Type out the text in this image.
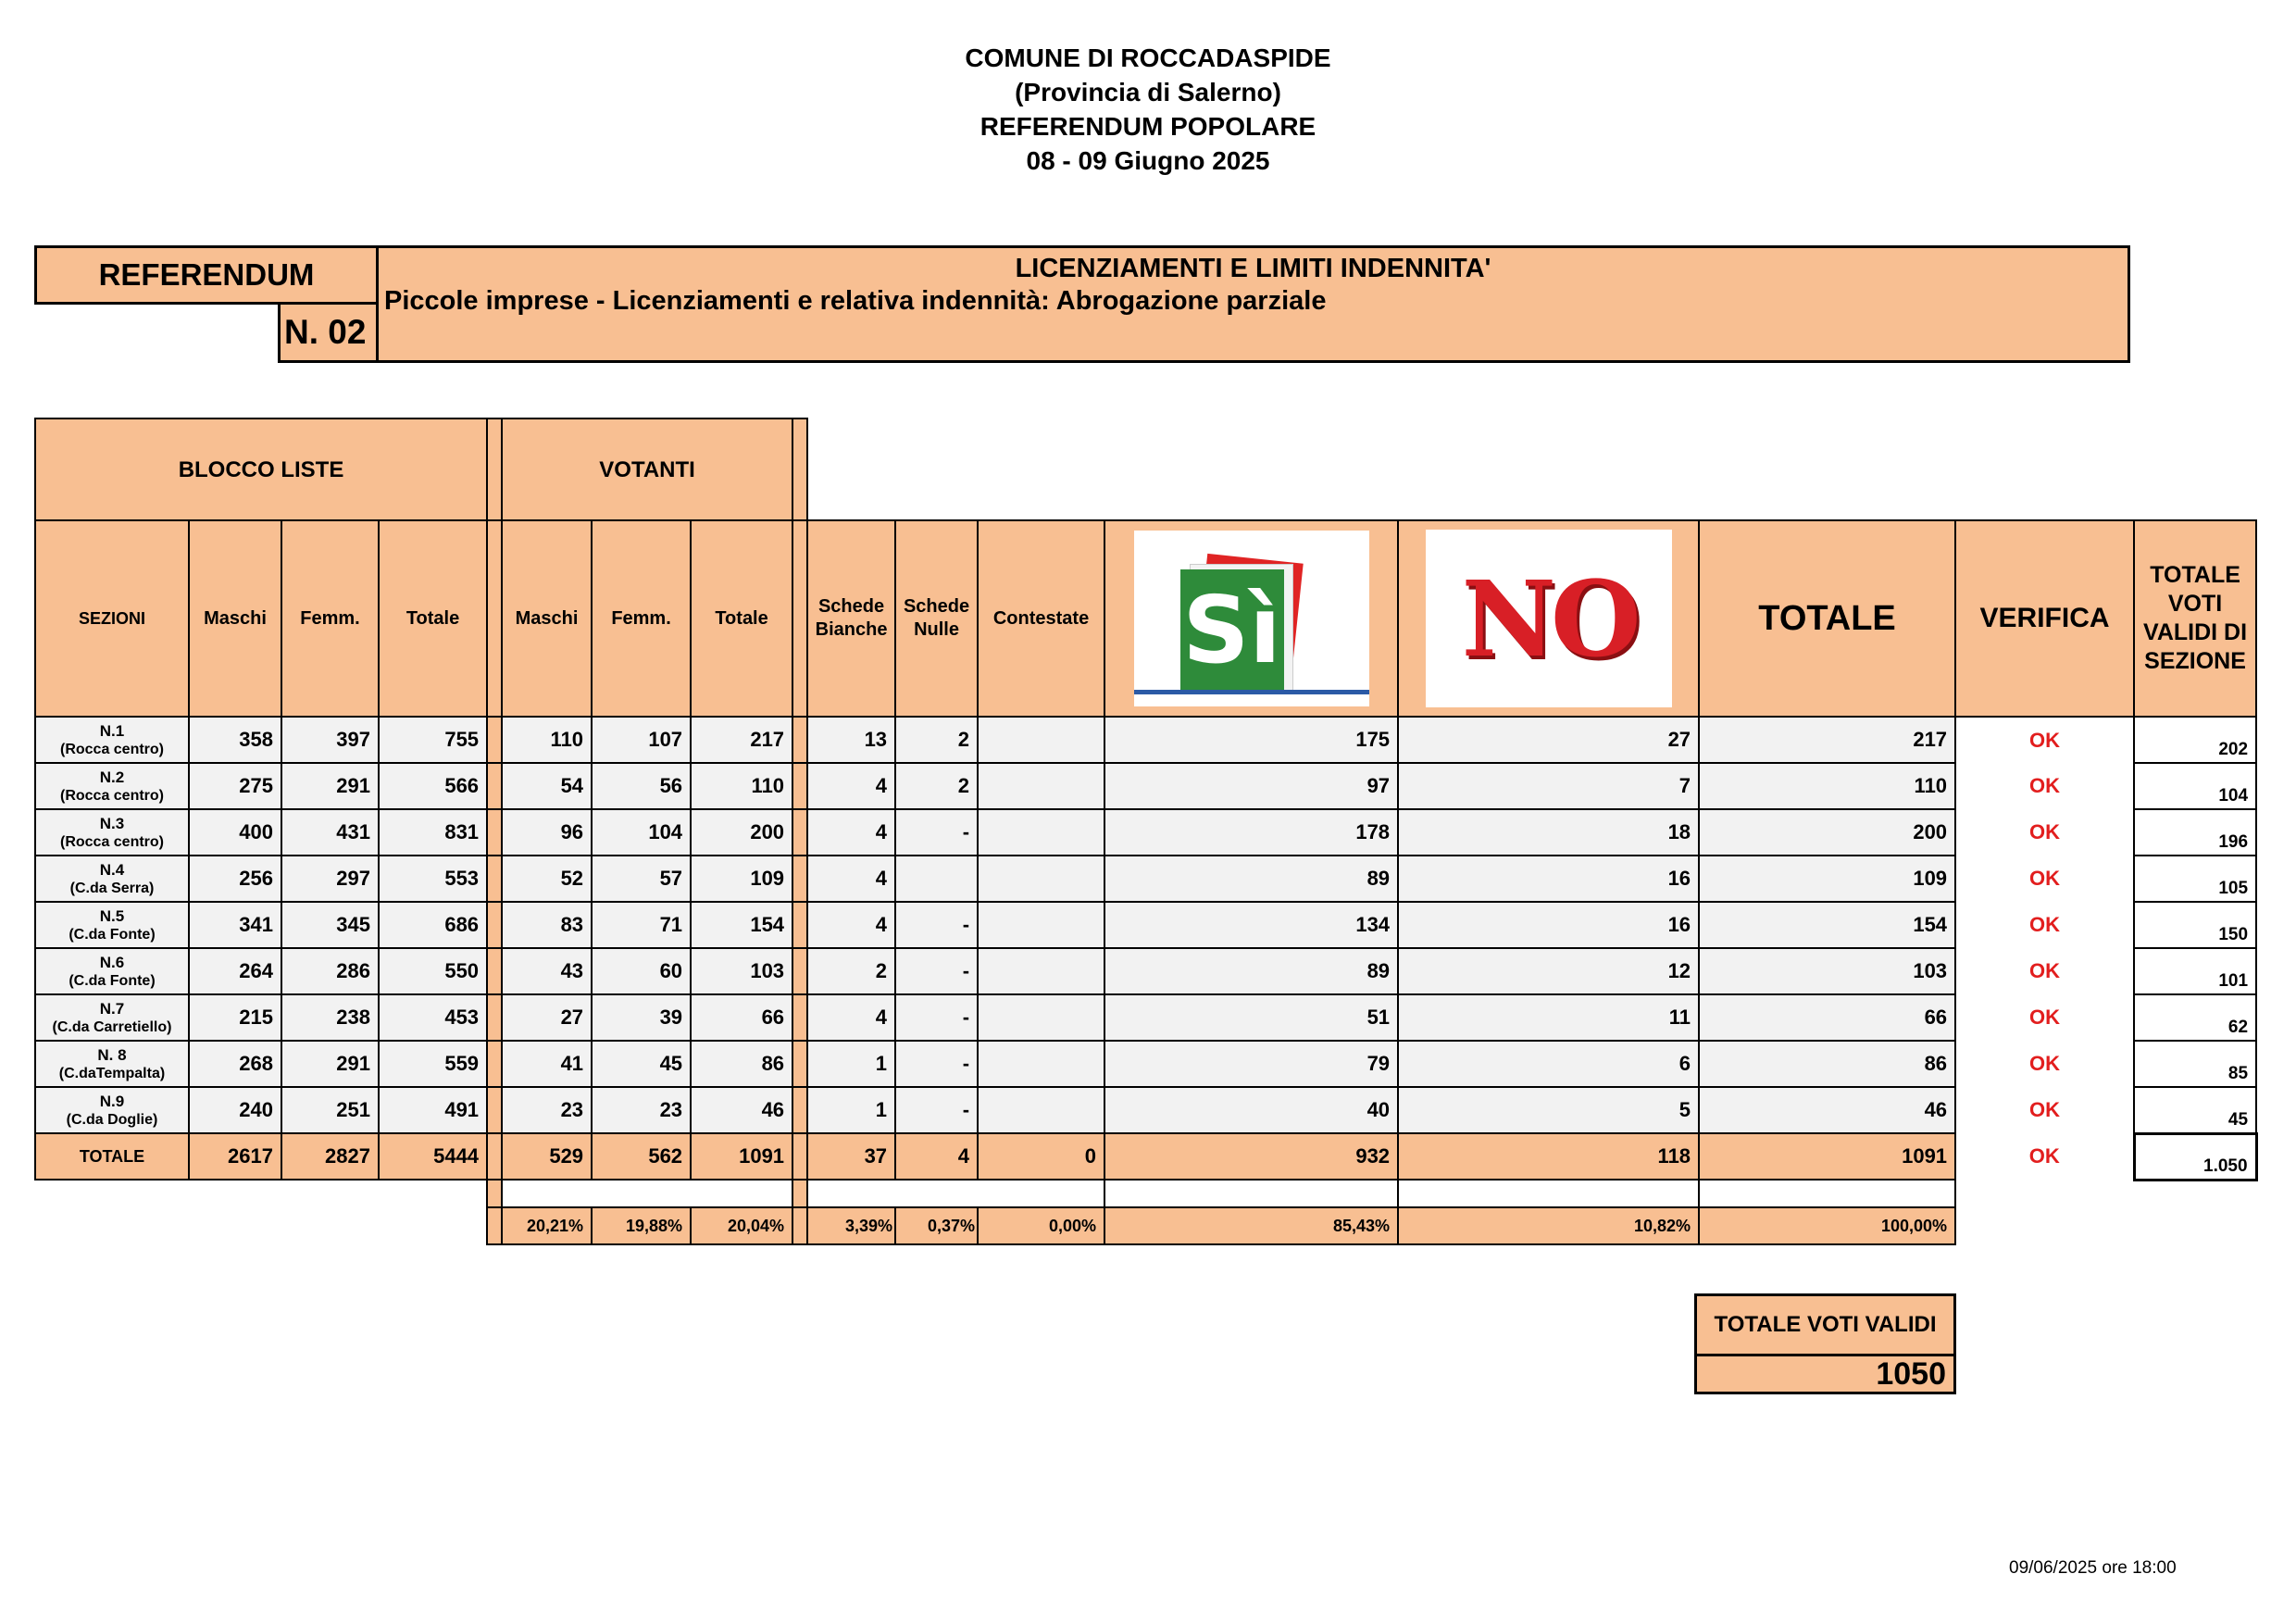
COMUNE DI ROCCADASPIDE
(Provincia di Salerno)
REFERENDUM POPOLARE
08 - 09 Giugno 2025
REFERENDUM
N. 02
LICENZIAMENTI E LIMITI INDENNITA'
Piccole imprese - Licenziamenti e relativa indennità: Abrogazione parziale
BLOCCO LISTE					VOTANTI											
SEZIONI	Maschi	Femm.	Totale		Maschi	Femm.	Totale		Schede Bianche	Schede Nulle	Contestate	Sì	NO	TOTALE	VERIFICA	TOTALE VOTI VALIDI DI SEZIONE

N.1
(Rocca centro)	358	397	755		110	107	217		13	2		175	27	217	OK	202

N.2
(Rocca centro)	275	291	566		54	56	110		4	2		97	7	110	OK	104

N.3
(Rocca centro)	400	431	831		96	104	200		4	-		178	18	200	OK	196

N.4
(C.da Serra)	256	297	553		52	57	109		4			89	16	109	OK	105

N.5
(C.da Fonte)	341	345	686		83	71	154		4	-		134	16	154	OK	150

N.6
(C.da Fonte)	264	286	550		43	60	103		2	-		89	12	103	OK	101

N.7
(C.da Carretiello)	215	238	453		27	39	66		4	-		51	11	66	OK	62

N. 8
(C.daTempalta)	268	291	559		41	45	86		1	-		79	6	86	OK	85

N.9
(C.da Doglie)	240	251	491		23	23	46		1	-		40	5	46	OK	45
TOTALE	2617	2827	5444		529	562	1091		37	4	0	932	118	1091	OK	1.050

					20,21%	19,88%	20,04%		3,39%	0,37%	0,00%	85,43%	10,82%	100,00%		
TOTALE VOTI VALIDI
1050
09/06/2025 ore 18:00
